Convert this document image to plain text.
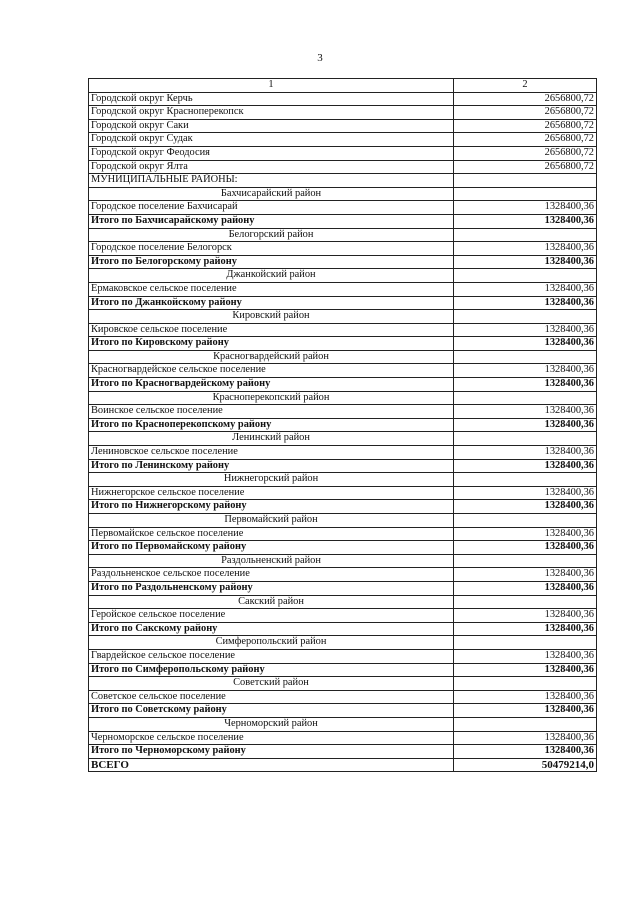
3
1	2
Городской округ Керчь	2656800,72
Городской округ Красноперекопск	2656800,72
Городской округ Саки	2656800,72
Городской округ Судак	2656800,72
Городской округ Феодосия	2656800,72
Городской округ Ялта	2656800,72
МУНИЦИПАЛЬНЫЕ РАЙОНЫ:	
Бахчисарайский район	
Городское поселение Бахчисарай	1328400,36
Итого по Бахчисарайскому району	1328400,36
Белогорский район	
Городское поселение Белогорск	1328400,36
Итого по Белогорскому району	1328400,36
Джанкойский район	
Ермаковское сельское поселение	1328400,36
Итого по Джанкойскому району	1328400,36
Кировский район	
Кировское сельское поселение	1328400,36
Итого по Кировскому району	1328400,36
Красногвардейский район	
Красногвардейское сельское поселение	1328400,36
Итого по Красногвардейскому району	1328400,36
Красноперекопский район	
Воинское сельское поселение	1328400,36
Итого по Красноперекопскому району	1328400,36
Ленинский район	
Лениновское сельское поселение	1328400,36
Итого по Ленинскому району	1328400,36
Нижнегорский район	
Нижнегорское сельское поселение	1328400,36
Итого по Нижнегорскому району	1328400,36
Первомайский район	
Первомайское сельское поселение	1328400,36
Итого по Первомайскому району	1328400,36
Раздольненский район	
Раздольненское сельское поселение	1328400,36
Итого по Раздольненскому району	1328400,36
Сакский район	
Геройское сельское поселение	1328400,36
Итого по Сакскому району	1328400,36
Симферопольский район	
Гвардейское сельское поселение	1328400,36
Итого по Симферопольскому району	1328400,36
Советский район	
Советское сельское поселение	1328400,36
Итого по Советскому району	1328400,36
Черноморский район	
Черноморское сельское поселение	1328400,36
Итого по Черноморскому району	1328400,36
ВСЕГО	50479214,0
